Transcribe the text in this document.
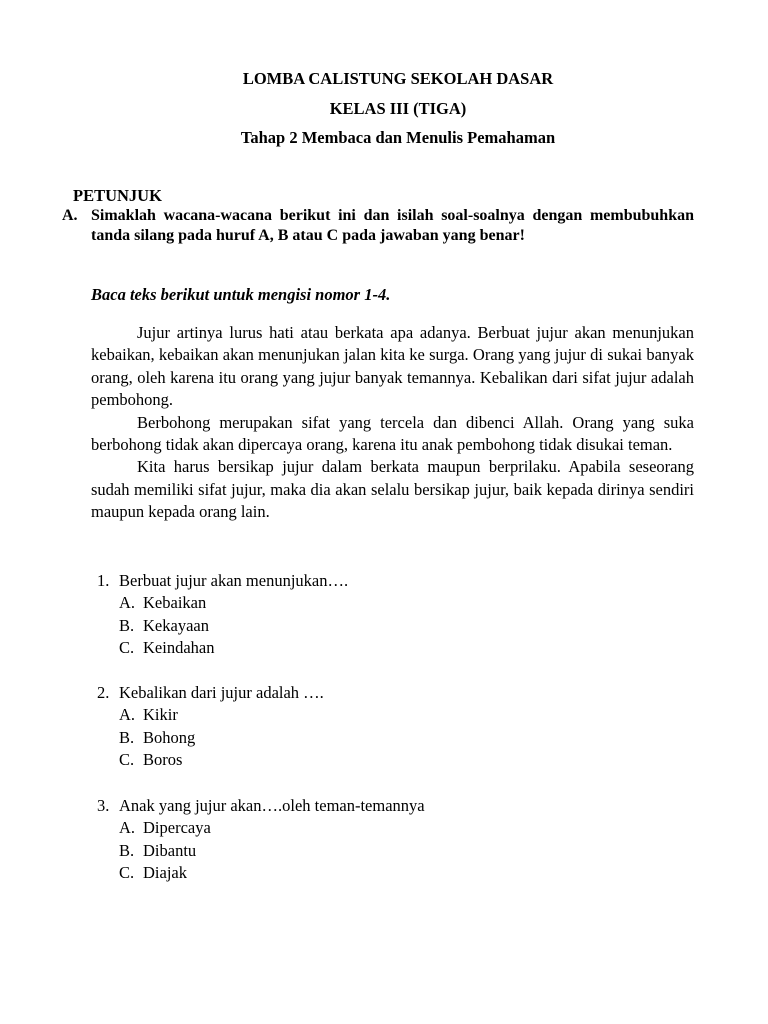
LOMBA CALISTUNG SEKOLAH DASAR
KELAS III (TIGA)
Tahap 2 Membaca dan Menulis Pemahaman
PETUNJUK
A. Simaklah wacana-wacana berikut ini dan isilah soal-soalnya dengan membubuhkan tanda silang pada huruf A, B atau C pada jawaban yang benar!
Baca teks berikut untuk mengisi nomor 1-4.

Jujur artinya lurus hati atau berkata apa adanya. Berbuat jujur akan menunjukan kebaikan, kebaikan akan menunjukan jalan kita ke surga. Orang yang jujur di sukai banyak orang, oleh karena itu orang yang jujur banyak temannya. Kebalikan dari sifat jujur adalah pembohong.

Berbohong merupakan sifat yang tercela dan dibenci Allah. Orang yang suka berbohong tidak akan dipercaya orang, karena itu anak pembohong tidak disukai teman.

Kita harus bersikap jujur dalam berkata maupun berprilaku. Apabila seseorang sudah memiliki sifat jujur, maka dia akan selalu bersikap jujur, baik kepada dirinya sendiri maupun kepada orang lain.

1. Berbuat jujur akan menunjukan….
A. Kebaikan
B. Kekayaan
C. Keindahan
2. Kebalikan dari jujur adalah ….
A. Kikir
B. Bohong
C. Boros
3. Anak yang jujur akan….oleh teman-temannya
A. Dipercaya
B. Dibantu
C. Diajak
